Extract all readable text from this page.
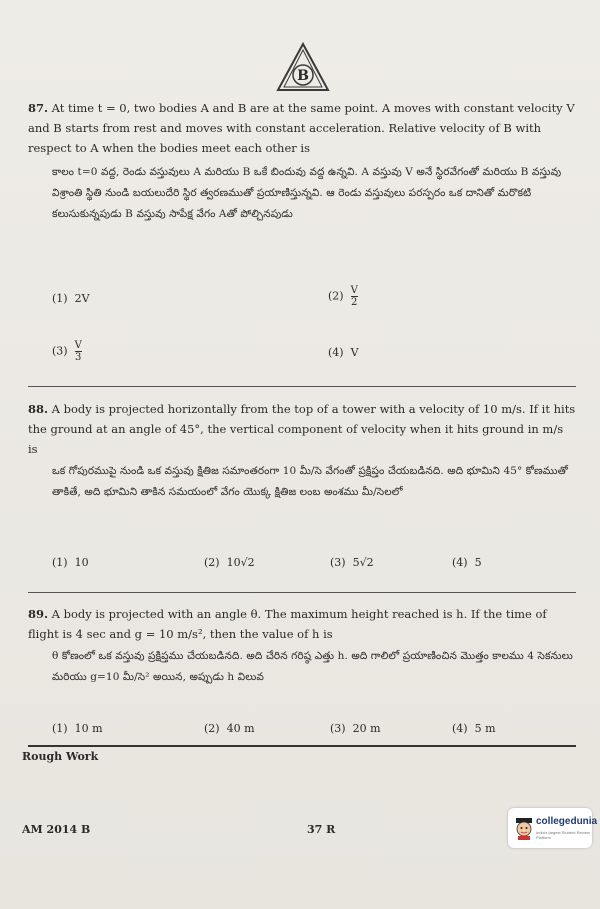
B
87. At time t = 0, two bodies A and B are at the same point. A moves with constant velocity V and B starts from rest and moves with constant acceleration. Relative velocity of B with respect to A when the bodies meet each other is
కాలం t=0 వద్ద, రెండు వస్తువులు A మరియు B ఒకే బిందువు వద్ద ఉన్నవి. A వస్తువు V అనే స్థిరవేగంతో మరియు B వస్తువు విశ్రాంతి స్థితి నుండి బయలుదేరి స్థిర త్వరణముతో ప్రయాణిస్తున్నవి. ఆ రెండు వస్తువులు పరస్పరం ఒక దానితో మరొకటి కలుసుకున్నపుడు B వస్తువు సాపేక్ష వేగం Aతో పోల్చినపుడు
(1) 2V	$(2) \frac{V}{2}$
$(3) \frac{V}{3}$	(4) V
88. A body is projected horizontally from the top of a tower with a velocity of 10 m/s. If it hits the ground at an angle of 45°, the vertical component of velocity when it hits ground in m/s is
ఒక గోపురముపై నుండి ఒక వస్తువు క్షితిజ సమాంతరంగా 10 మీ/సె వేగంతో ప్రక్షిప్తం చేయబడినది. అది భూమిని 45° కోణముతో తాకితే, అది భూమిని తాకిన సమయంలో వేగం యొక్క క్షితిజ లంబ అంశము మీ/సెలలో
(1) 10	(2) 10√2	(3) 5√2	(4) 5
89. A body is projected with an angle θ. The maximum height reached is h. If the time of flight is 4 sec and g = 10 m/s², then the value of h is
θ కోణంలో ఒక వస్తువు ప్రక్షిప్తము చేయబడినది. అది చేరిన గరిష్ఠ ఎత్తు h. అది గాలిలో ప్రయాణించిన మొత్తం కాలము 4 సెకనులు మరియు g=10 మీ/సె² అయిన, అప్పుడు h విలువ
(1) 10 m	(2) 40 m	(3) 20 m	(4) 5 m
Rough Work
AM 2014 B	37 R
collegedunia
India's largest Student Review Platform
